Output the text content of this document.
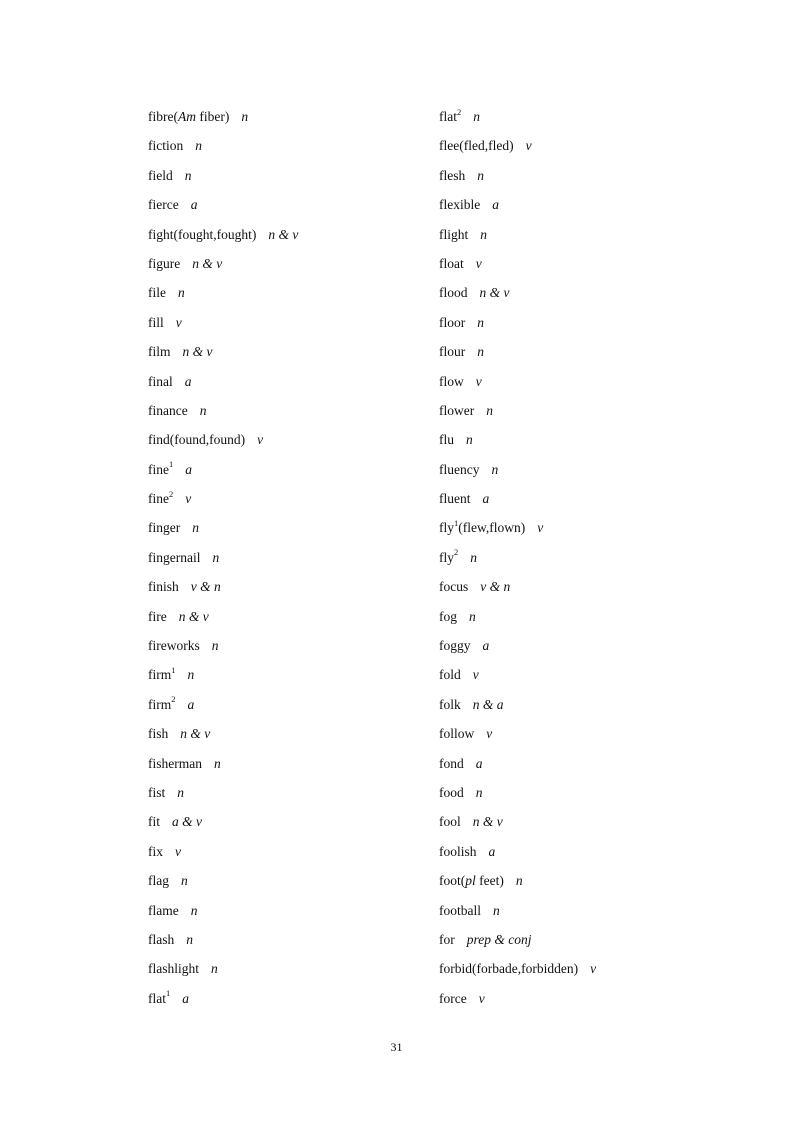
fibre(Am fiber) n
fiction n
field n
fierce a
fight(fought,fought) n & v
figure n & v
file n
fill v
film n & v
final a
finance n
find(found,found) v
fine$^1$ a
fine$^2$ v
finger n
fingernail n
finish v & n
fire n & v
fireworks n
firm$^1$ n
firm$^2$ a
fish n & v
fisherman n
fist n
fit a & v
fix v
flag n
flame n
flash n
flashlight n
flat$^1$ a
flat$^2$ n
flee(fled,fled) v
flesh n
flexible a
flight n
float v
flood n & v
floor n
flour n
flow v
flower n
flu n
fluency n
fluent a
fly$^1$(flew,flown) v
fly$^2$ n
focus v & n
fog n
foggy a
fold v
folk n & a
follow v
fond a
food n
fool n & v
foolish a
foot(pl feet) n
football n
for prep & conj
forbid(forbade,forbidden) v
force v
31
